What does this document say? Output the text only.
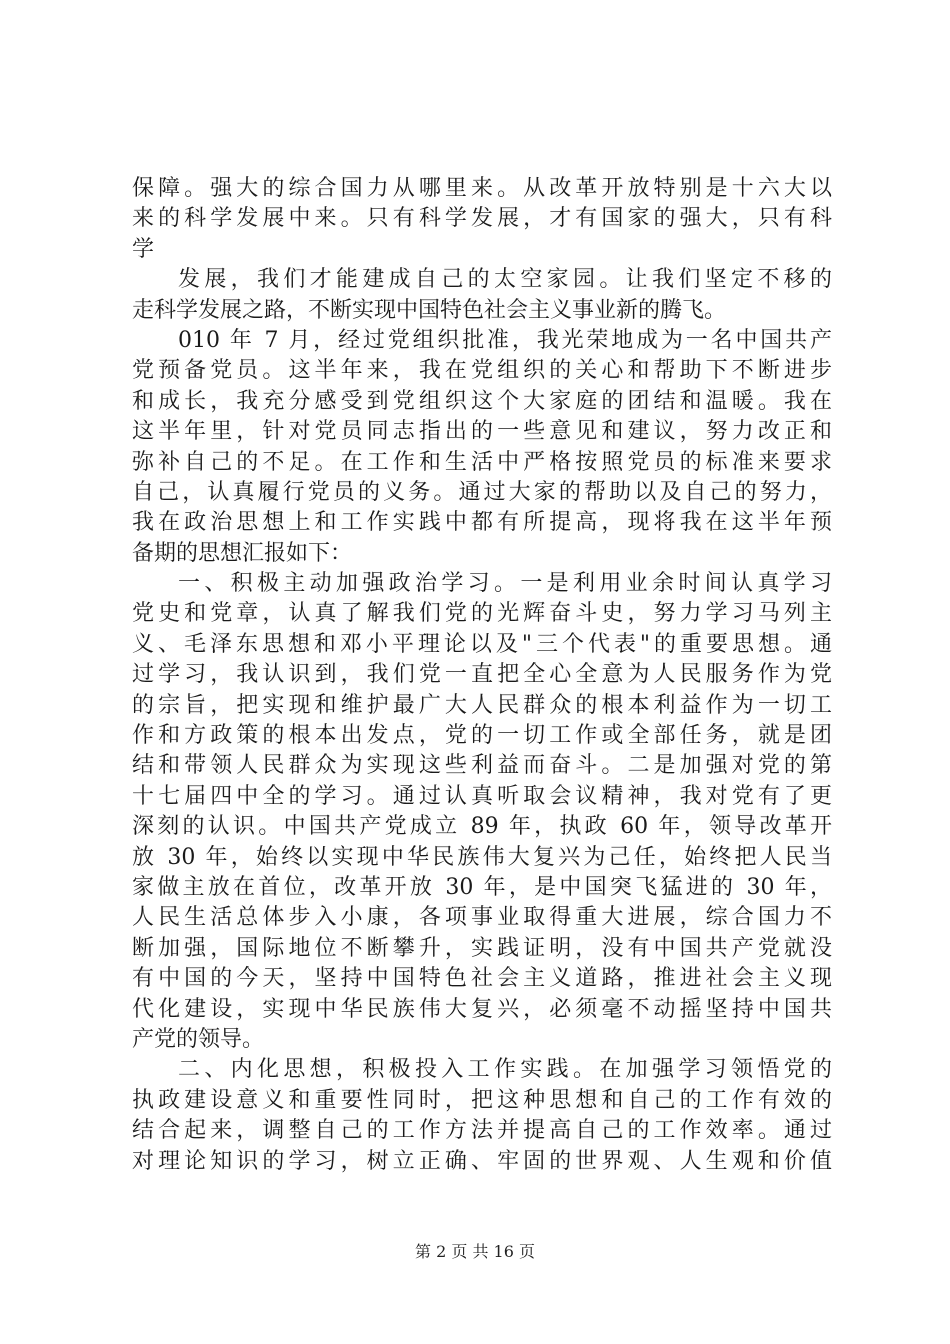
保障。强大的综合国力从哪里来。从改革开放特别是十六大以
来的科学发展中来。只有科学发展，才有国家的强大，只有科
学
发展，我们才能建成自己的太空家园。让我们坚定不移的
走科学发展之路，不断实现中国特色社会主义事业新的腾飞。
010 年 7 月，经过党组织批准，我光荣地成为一名中国共产
党预备党员。这半年来，我在党组织的关心和帮助下不断进步
和成长，我充分感受到党组织这个大家庭的团结和温暖。我在
这半年里，针对党员同志指出的一些意见和建议，努力改正和
弥补自己的不足。在工作和生活中严格按照党员的标准来要求
自己，认真履行党员的义务。通过大家的帮助以及自己的努力，
我在政治思想上和工作实践中都有所提高，现将我在这半年预
备期的思想汇报如下：
一、积极主动加强政治学习。一是利用业余时间认真学习
党史和党章，认真了解我们党的光辉奋斗史，努力学习马列主
义、毛泽东思想和邓小平理论以及"三个代表"的重要思想。通
过学习，我认识到，我们党一直把全心全意为人民服务作为党
的宗旨，把实现和维护最广大人民群众的根本利益作为一切工
作和方政策的根本出发点，党的一切工作或全部任务，就是团
结和带领人民群众为实现这些利益而奋斗。二是加强对党的第
十七届四中全的学习。通过认真听取会议精神，我对党有了更
深刻的认识。中国共产党成立 89 年，执政 60 年，领导改革开
放 30 年，始终以实现中华民族伟大复兴为己任，始终把人民当
家做主放在首位，改革开放 30 年，是中国突飞猛进的 30 年，
人民生活总体步入小康，各项事业取得重大进展，综合国力不
断加强，国际地位不断攀升，实践证明，没有中国共产党就没
有中国的今天，坚持中国特色社会主义道路，推进社会主义现
代化建设，实现中华民族伟大复兴，必须毫不动摇坚持中国共
产党的领导。
二、内化思想，积极投入工作实践。在加强学习领悟党的
执政建设意义和重要性同时，把这种思想和自己的工作有效的
结合起来，调整自己的工作方法并提高自己的工作效率。通过
对理论知识的学习，树立正确、牢固的世界观、人生观和价值
第 2 页 共 16 页
